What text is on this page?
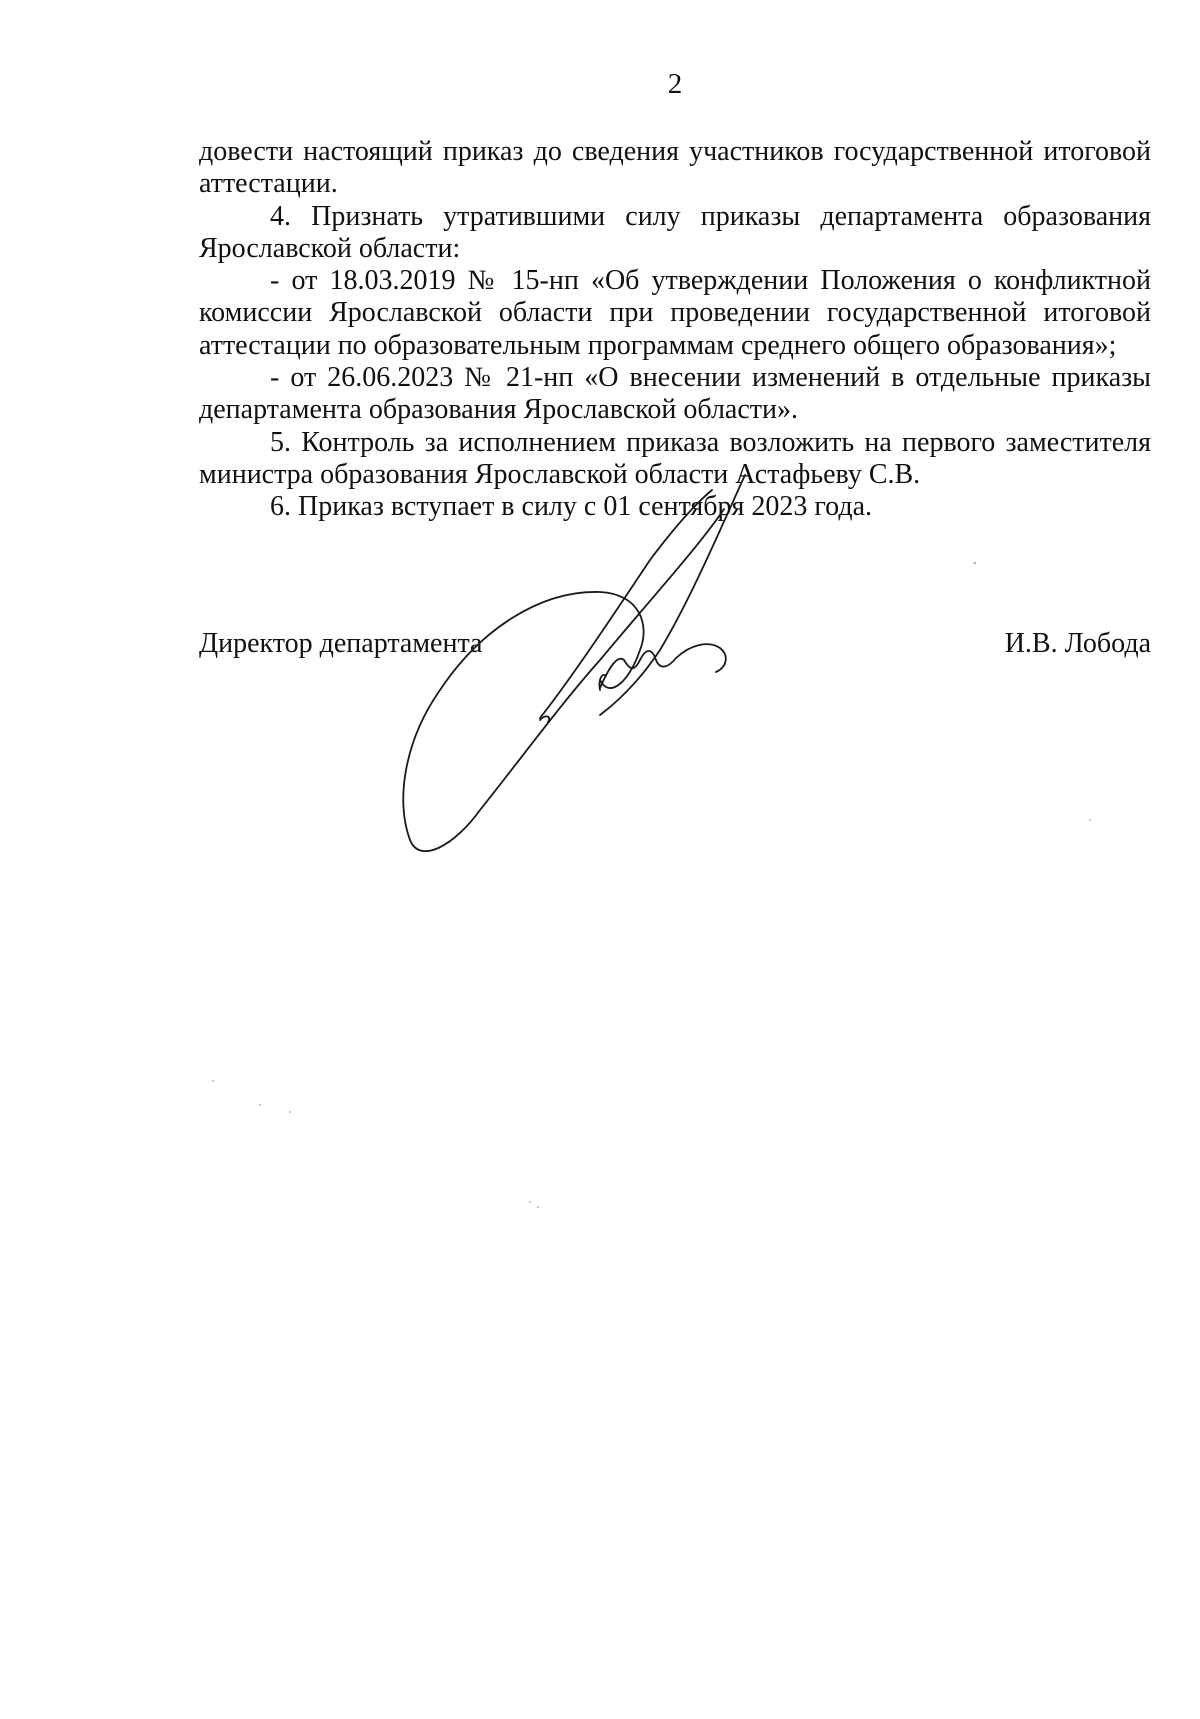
2

довести настоящий приказ до сведения участников государственной итоговой аттестации.

4. Признать утратившими силу приказы департамента образования Ярославской области:

- от 18.03.2019 № 15-нп «Об утверждении Положения о конфликтной комиссии Ярославской области при проведении государственной итоговой аттестации по образовательным программам среднего общего образования»;

- от 26.06.2023 № 21-нп «О внесении изменений в отдельные приказы департамента образования Ярославской области».

5. Контроль за исполнением приказа возложить на первого заместителя министра образования Ярославской области Астафьеву С.В.

6. Приказ вступает в силу с 01 сентября 2023 года.

Директор департамента	И.В. Лобода
